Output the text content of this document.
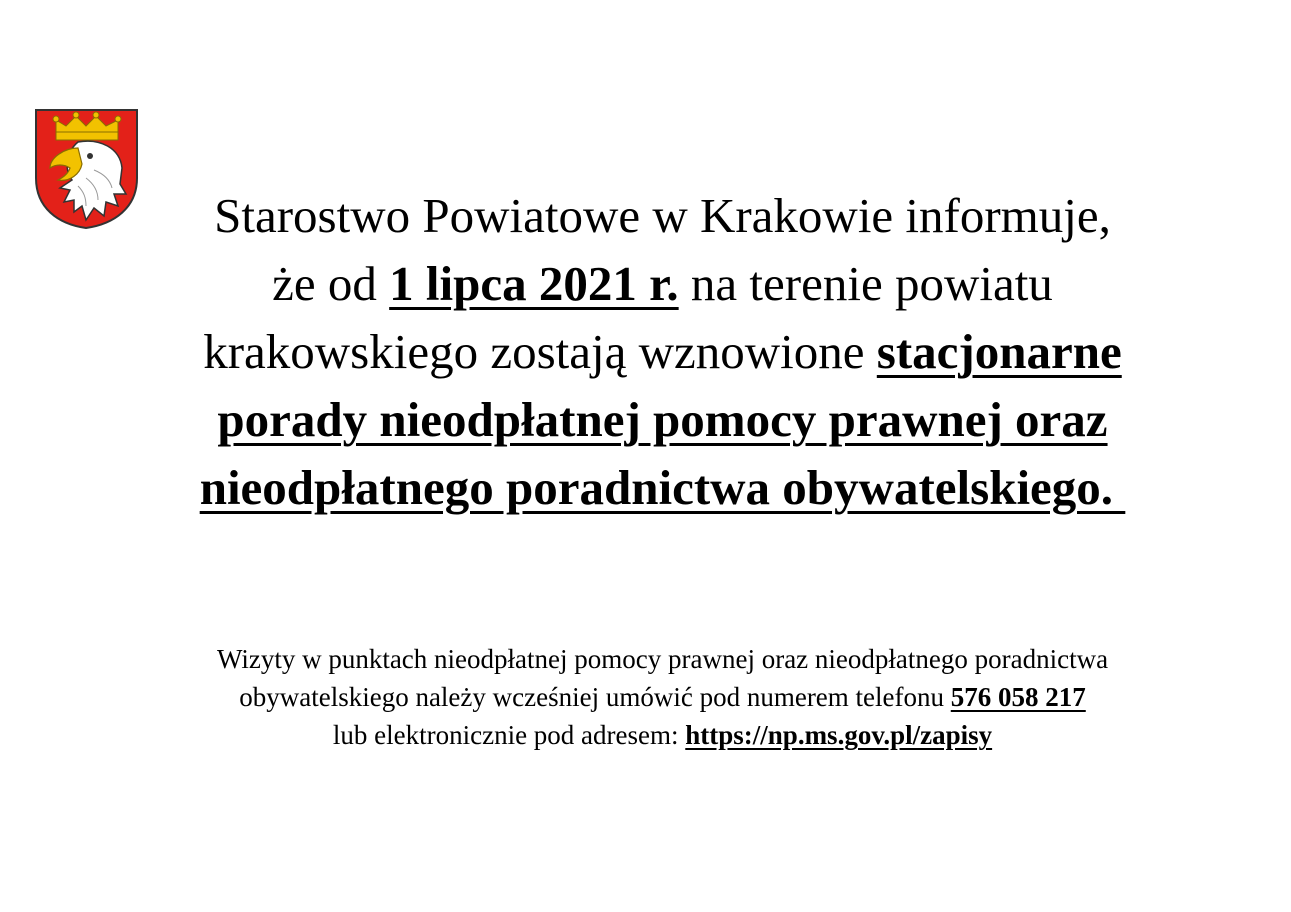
Starostwo Powiatowe w Krakowie informuje,
że od 1 lipca 2021 r. na terenie powiatu
krakowskiego zostają wznowione stacjonarne
porady nieodpłatnej pomocy prawnej oraz
nieodpłatnego poradnictwa obywatelskiego.
Wizyty w punktach nieodpłatnej pomocy prawnej oraz nieodpłatnego poradnictwa
obywatelskiego należy wcześniej umówić pod numerem telefonu 576 058 217
lub elektronicznie pod adresem: https://np.ms.gov.pl/zapisy
